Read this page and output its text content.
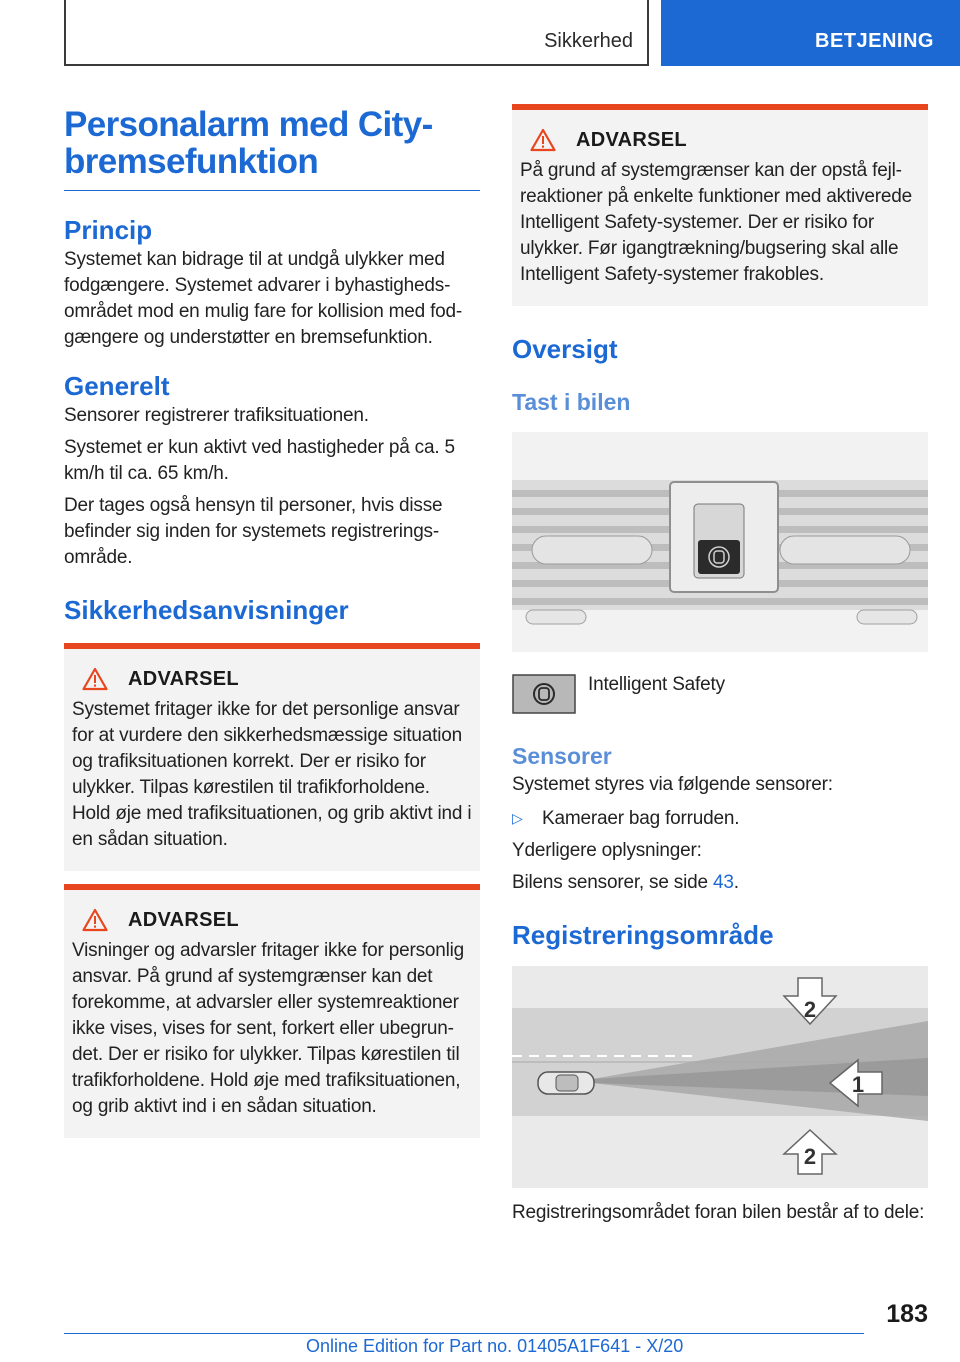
Sikkerhed	BETJENING
Personalarm med City-
bremsefunktion
Princip

Systemet kan bidrage til at undgå ulykker med fodgængere. Systemet advarer i byhastighedsområdet mod en mulig fare for kollision med fodgængere og understøtter en bremsefunktion.

Generelt

Sensorer registrerer trafiksituationen.

Systemet er kun aktivt ved hastigheder på ca. 5 km/h til ca. 65 km/h.

Der tages også hensyn til personer, hvis disse befinder sig inden for systemets registreringsområde.

Sikkerhedsanvisninger
ADVARSEL

Systemet fritager ikke for det personlige ansvar for at vurdere den sikkerhedsmæssige situation og trafiksituationen korrekt. Der er risiko for ulykker. Tilpas kørestilen til trafikforholdene. Hold øje med trafiksituationen, og grib aktivt ind i en sådan situation.

ADVARSEL

Visninger og advarsler fritager ikke for personlig ansvar. På grund af systemgrænser kan det forekomme, at advarsler eller systemreaktioner ikke vises, vises for sent, forkert eller ubegrundet. Der er risiko for ulykker. Tilpas kørestilen til trafikforholdene. Hold øje med trafiksituationen, og grib aktivt ind i en sådan situation.

ADVARSEL

På grund af systemgrænser kan der opstå fejlreaktioner på enkelte funktioner med aktiverede Intelligent Safety-systemer. Der er risiko for ulykker. Før igangtrækning/bugsering skal alle Intelligent Safety-systemer frakobles.

Oversigt
Tast i bilen

Intelligent Safety

Sensorer

Systemet styres via følgende sensorer:

▷	Kameraer bag forruden.

Yderligere oplysninger:

Bilens sensorer, se side 43.

Registreringsområde
2
1
2

Registreringsområdet foran bilen består af to dele:

183
Online Edition for Part no. 01405A1F641 - X/20
